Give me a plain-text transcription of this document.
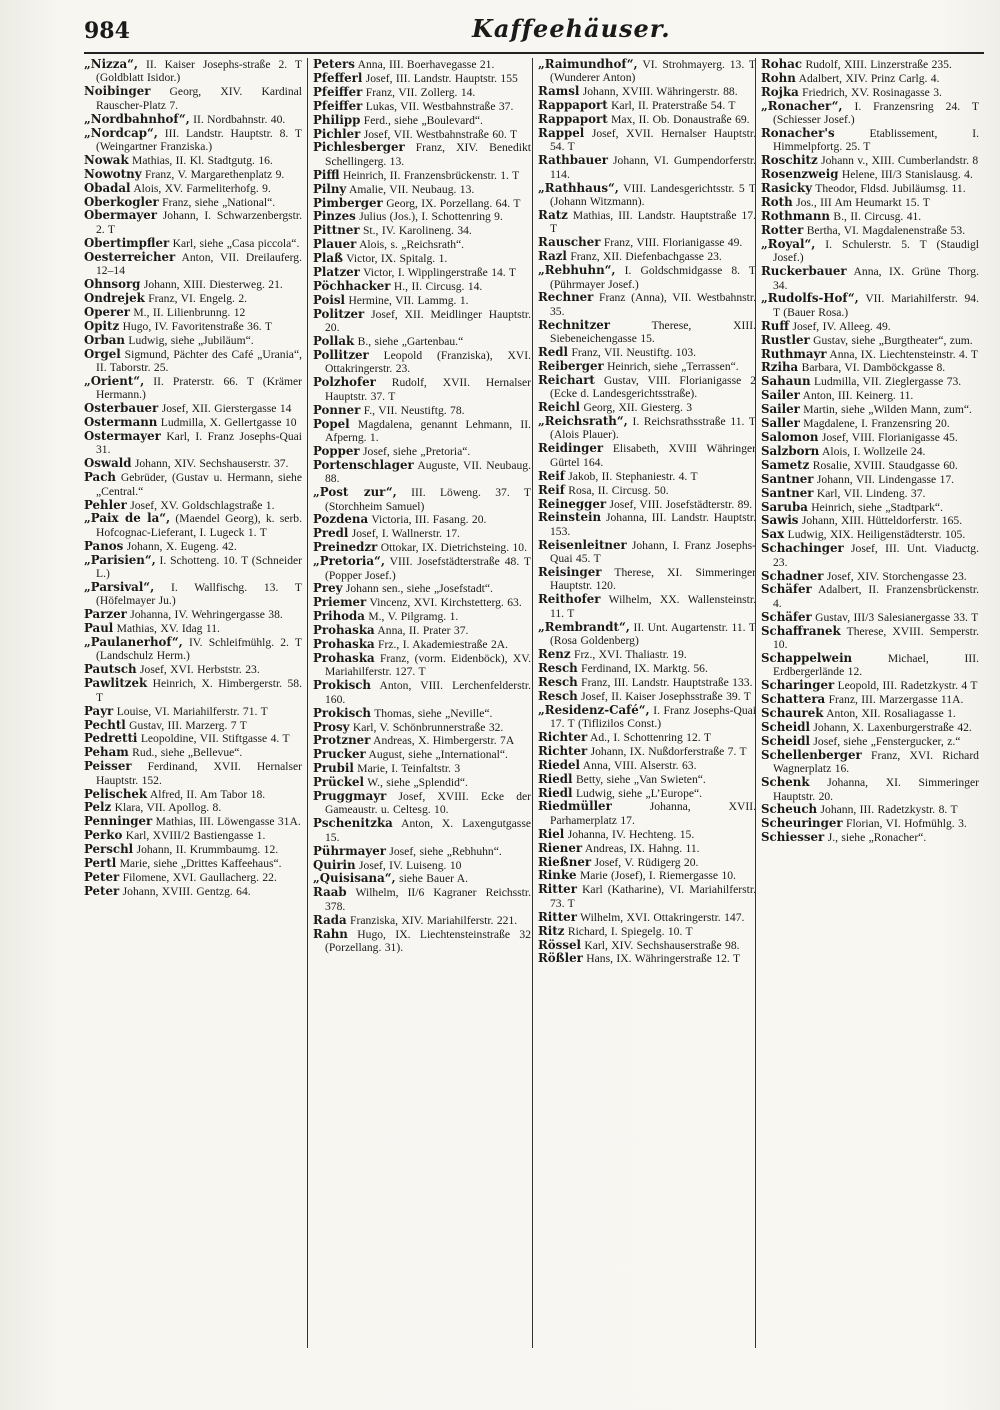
984	Kaffeehäuser.
„Nizza“, II. Kaiser Josephs-straße 2. T (Goldblatt Isidor.)
Noibinger Georg, XIV. Kardinal Rauscher-Platz 7.
„Nordbahnhof“, II. Nordbahnstr. 40.
„Nordcap“, III. Landstr. Hauptstr. 8. T (Weingartner Franziska.)
Nowak Mathias, II. Kl. Stadtgutg. 16.
Nowotny Franz, V. Margarethenplatz 9.
Obadal Alois, XV. Farmeliterhofg. 9.
Oberkogler Franz, siehe „National“.
Obermayer Johann, I. Schwarzenbergstr. 2. T
Obertimpfler Karl, siehe „Casa piccola“.
Oesterreicher Anton, VII. Dreilauferg. 12–14
Ohnsorg Johann, XIII. Diesterweg. 21.
Ondrejek Franz, VI. Engelg. 2.
Operer M., II. Lilienbrunng. 12
Opitz Hugo, IV. Favoritenstraße 36. T
Orban Ludwig, siehe „Jubiläum“.
Orgel Sigmund, Pächter des Café „Urania“, II. Taborstr. 25.
„Orient“, II. Praterstr. 66. T (Krämer Hermann.)
Osterbauer Josef, XII. Gierstergasse 14
Ostermann Ludmilla, X. Gellertgasse 10
Ostermayer Karl, I. Franz Josephs-Quai 31.
Oswald Johann, XIV. Sechshauserstr. 37.
Pach Gebrüder, (Gustav u. Hermann, siehe „Central.“
Pehler Josef, XV. Goldschlagstraße 1.
„Paix de la“, (Maendel Georg), k. serb. Hofcognac-Lieferant, I. Lugeck 1. T
Panos Johann, X. Eugeng. 42.
„Parisien“, I. Schotteng. 10. T (Schneider L.)
„Parsival“, I. Wallfischg. 13. T (Höfelmayer Ju.)
Parzer Johanna, IV. Wehringergasse 38.
Paul Mathias, XV. Idag 11.
„Paulanerhof“, IV. Schleifmühlg. 2. T (Landschulz Herm.)
Pautsch Josef, XVI. Herbststr. 23.
Pawlitzek Heinrich, X. Himbergerstr. 58. T
Payr Louise, VI. Mariahilferstr. 71. T
Pechtl Gustav, III. Marzerg. 7 T
Pedretti Leopoldine, VII. Stiftgasse 4. T
Peham Rud., siehe „Bellevue“.
Peisser Ferdinand, XVII. Hernalser Hauptstr. 152.
Pelischek Alfred, II. Am Tabor 18.
Pelz Klara, VII. Apollog. 8.
Penninger Mathias, III. Löwengasse 31A.
Perko Karl, XVIII/2 Bastiengasse 1.
Perschl Johann, II. Krummbaumg. 12.
Pertl Marie, siehe „Drittes Kaffeehaus“.
Peter Filomene, XVI. Gaullacherg. 22.
Peter Johann, XVIII. Gentzg. 64.
Peters Anna, III. Boerhavegasse 21.
Pfefferl Josef, III. Landstr. Hauptstr. 155
Pfeiffer Franz, VII. Zollerg. 14.
Pfeiffer Lukas, VII. Westbahnstraße 37.
Philipp Ferd., siehe „Boulevard“.
Pichler Josef, VII. Westbahnstraße 60. T
Pichlesberger Franz, XIV. Benedikt Schellingerg. 13.
Piffl Heinrich, II. Franzensbrückenstr. 1. T
Pilny Amalie, VII. Neubaug. 13.
Pimberger Georg, IX. Porzellang. 64. T
Pinzes Julius (Jos.), I. Schottenring 9.
Pittner St., IV. Karolineng. 34.
Plauer Alois, s. „Reichsrath“.
Plaß Victor, IX. Spitalg. 1.
Platzer Victor, I. Wipplingerstraße 14. T
Pöchhacker H., II. Circusg. 14.
Poisl Hermine, VII. Lammg. 1.
Politzer Josef, XII. Meidlinger Hauptstr. 20.
Pollak B., siehe „Gartenbau.“
Pollitzer Leopold (Franziska), XVI. Ottakringerstr. 23.
Polzhofer Rudolf, XVII. Hernalser Hauptstr. 37. T
Ponner F., VII. Neustiftg. 78.
Popel Magdalena, genannt Lehmann, II. Afperng. 1.
Popper Josef, siehe „Pretoria“.
Portenschlager Auguste, VII. Neubaug. 88.
„Post zur“, III. Löweng. 37. T (Storchheim Samuel)
Pozdena Victoria, III. Fasang. 20.
Predl Josef, I. Wallnerstr. 17.
Preinedzr Ottokar, IX. Dietrichsteing. 10.
„Pretoria“, VIII. Josefstädterstraße 48. T (Popper Josef.)
Prey Johann sen., siehe „Josefstadt“.
Priemer Vincenz, XVI. Kirchstetterg. 63.
Prihoda M., V. Pilgramg. 1.
Prohaska Anna, II. Prater 37.
Prohaska Frz., I. Akademiestraße 2A.
Prohaska Franz, (vorm. Eidenböck), XV. Mariahilferstr. 127. T
Prokisch Anton, VIII. Lerchenfelderstr. 160.
Prokisch Thomas, siehe „Neville“.
Prosy Karl, V. Schönbrunnerstraße 32.
Protzner Andreas, X. Himbergerstr. 7A
Prucker August, siehe „International“.
Prubil Marie, I. Teinfaltstr. 3
Prückel W., siehe „Splendid“.
Pruggmayr Josef, XVIII. Ecke der Gameaustr. u. Celtesg. 10.
Pschenitzka Anton, X. Laxengutgasse 15.
Pührmayer Josef, siehe „Rebhuhn“.
Quirin Josef, IV. Luiseng. 10
„Quisisana“, siehe Bauer A.
Raab Wilhelm, II/6 Kagraner Reichsstr. 378.
Rada Franziska, XIV. Mariahilferstr. 221.
Rahn Hugo, IX. Liechtensteinstraße 32 (Porzellang. 31).
„Raimundhof“, VI. Strohmayerg. 13. T (Wunderer Anton)
Ramsl Johann, XVIII. Währingerstr. 88.
Rappaport Karl, II. Praterstraße 54. T
Rappaport Max, II. Ob. Donaustraße 69.
Rappel Josef, XVII. Hernalser Hauptstr. 54. T
Rathbauer Johann, VI. Gumpendorferstr. 114.
„Rathhaus“, VIII. Landesgerichtsstr. 5 T (Johann Witzmann).
Ratz Mathias, III. Landstr. Hauptstraße 17. T
Rauscher Franz, VIII. Florianigasse 49.
Razl Franz, XII. Diefenbachgasse 23.
„Rebhuhn“, I. Goldschmidgasse 8. T (Pührmayer Josef.)
Rechner Franz (Anna), VII. Westbahnstr. 35.
Rechnitzer	Therese, XIII. Siebeneichengasse 15.
Redl Franz, VII. Neustiftg. 103.
Reiberger Heinrich, siehe „Terrassen“.
Reichart Gustav, VIII. Florianigasse 2 (Ecke d. Landesgerichtsstraße).
Reichl Georg, XII. Giesterg. 3
„Reichsrath“, I. Reichsrathsstraße 11. T (Alois Plauer).
Reidinger Elisabeth, XVIII Währinger Gürtel 164.
Reif Jakob, II. Stephaniestr. 4. T
Reif Rosa, II. Circusg. 50.
Reinegger Josef, VIII. Josefstädterstr. 89.
Reinstein Johanna, III. Landstr. Hauptstr. 153.
Reisenleitner Johann, I. Franz Josephs-Quai 45. T
Reisinger Therese, XI. Simmeringer Hauptstr. 120.
Reithofer Wilhelm, XX. Wallensteinstr. 11. T
„Rembrandt“, II. Unt. Augartenstr. 11. T (Rosa Goldenberg)
Renz Frz., XVI. Thaliastr. 19.
Resch Ferdinand, IX. Marktg. 56.
Resch Franz, III. Landstr. Hauptstraße 133.
Resch Josef, II. Kaiser Josephsstraße 39. T
„Residenz-Café“, I. Franz Josephs-Quai 17. T (Tiflizilos Const.)
Richter Ad., I. Schottenring 12. T
Richter Johann, IX. Nußdorferstraße 7. T
Riedel Anna, VIII. Alserstr. 63.
Riedl Betty, siehe „Van Swieten“.
Riedl Ludwig, siehe „L’Europe“.
Riedmüller	Johanna, XVII. Parhamerplatz 17.
Riel Johanna, IV. Hechteng. 15.
Riener Andreas, IX. Hahng. 11.
Rießner Josef, V. Rüdigerg 20.
Rinke Marie (Josef), I. Riemergasse 10.
Ritter Karl (Katharine), VI. Mariahilferstr. 73. T
Ritter Wilhelm, XVI. Ottakringerstr. 147.
Ritz Richard, I. Spiegelg. 10. T
Rössel Karl, XIV. Sechshauserstraße 98.
Rößler Hans, IX. Währingerstraße 12. T
Rohac Rudolf, XIII. Linzerstraße 235.
Rohn Adalbert, XIV. Prinz Carlg. 4.
Rojka Friedrich, XV. Rosinagasse 3.
„Ronacher“, I. Franzensring 24. T (Schiesser Josef.)
Ronacher's	Etablissement, I. Himmelpfortg. 25. T
Roschitz Johann v., XIII. Cumberlandstr. 8
Rosenzweig Helene, III/3 Stanislausg. 4.
Rasicky Theodor, Fldsd. Jubiläumsg. 11.
Roth Jos., III Am Heumarkt 15. T
Rothmann B., II. Circusg. 41.
Rotter Bertha, VI. Magdalenenstraße 53.
„Royal“, I. Schulerstr. 5. T (Staudigl Josef.)
Ruckerbauer Anna, IX. Grüne Thorg. 34.
„Rudolfs-Hof“, VII. Mariahilferstr. 94. T (Bauer Rosa.)
Ruff Josef, IV. Alleeg. 49.
Rustler Gustav, siehe „Burgtheater“, zum.
Ruthmayr Anna, IX. Liechtensteinstr. 4. T
Rziha Barbara, VI. Damböckgasse 8.
Sahaun Ludmilla, VII. Zieglergasse 73.
Sailer Anton, III. Keinerg. 11.
Sailer Martin, siehe „Wilden Mann, zum“.
Saller Magdalene, I. Franzensring 20.
Salomon Josef, VIII. Florianigasse 45.
Salzborn Alois, I. Wollzeile 24.
Sametz Rosalie, XVIII. Staudgasse 60.
Santner Johann, VII. Lindengasse 17.
Santner Karl, VII. Lindeng. 37.
Saruba Heinrich, siehe „Stadtpark“.
Sawis Johann, XIII. Hütteldorferstr. 165.
Sax Ludwig, XIX. Heiligenstädterstr. 105.
Schachinger Josef, III. Unt. Viaductg. 23.
Schadner Josef, XIV. Storchengasse 23.
Schäfer Adalbert, II. Franzensbrückenstr. 4.
Schäfer Gustav, III/3 Salesianergasse 33. T
Schaffranek Therese, XVIII. Semperstr. 10.
Schappelwein	Michael, III. Erdbergerlände 12.
Scharinger Leopold, III. Radetzkystr. 4 T
Schattera Franz, III. Marzergasse 11A.
Schaurek Anton, XII. Rosaliagasse 1.
Scheidl Johann, X. Laxenburgerstraße 42.
Scheidl Josef, siehe „Fenstergucker, z.“
Schellenberger Franz, XVI. Richard Wagnerplatz 16.
Schenk Johanna, XI. Simmeringer Hauptstr. 20.
Scheuch Johann, III. Radetzkystr. 8. T
Scheuringer Florian, VI. Hofmühlg. 3.
Schiesser J., siehe „Ronacher“.
